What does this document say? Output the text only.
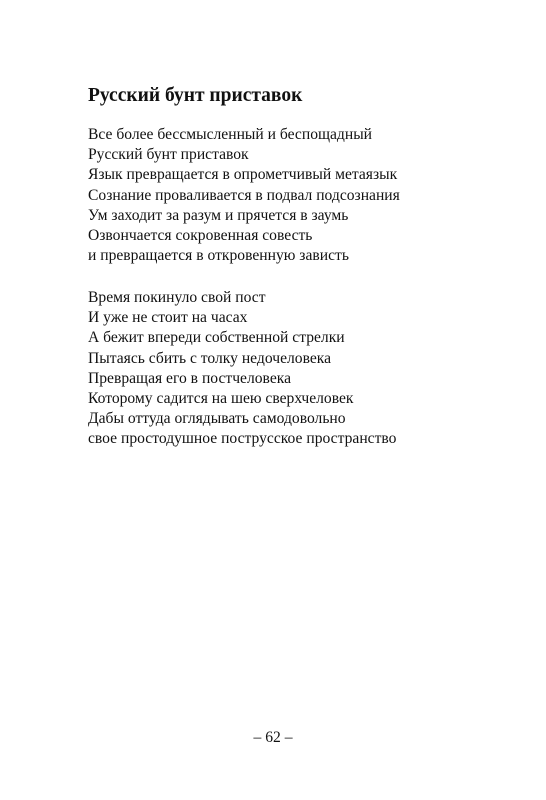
Русский бунт приставок
Все более бессмысленный и беспощадный
Русский бунт приставок
Язык превращается в опрометчивый метаязык
Сознание проваливается в подвал подсознания
Ум заходит за разум и прячется в заумь
Озвончается сокровенная совесть
и превращается в откровенную зависть
Время покинуло свой пост
И уже не стоит на часах
А бежит впереди собственной стрелки
Пытаясь сбить с толку недочеловека
Превращая его в постчеловека
Которому садится на шею сверхчеловек
Дабы оттуда оглядывать самодовольно
свое простодушное пострусское пространство
– 62 –
